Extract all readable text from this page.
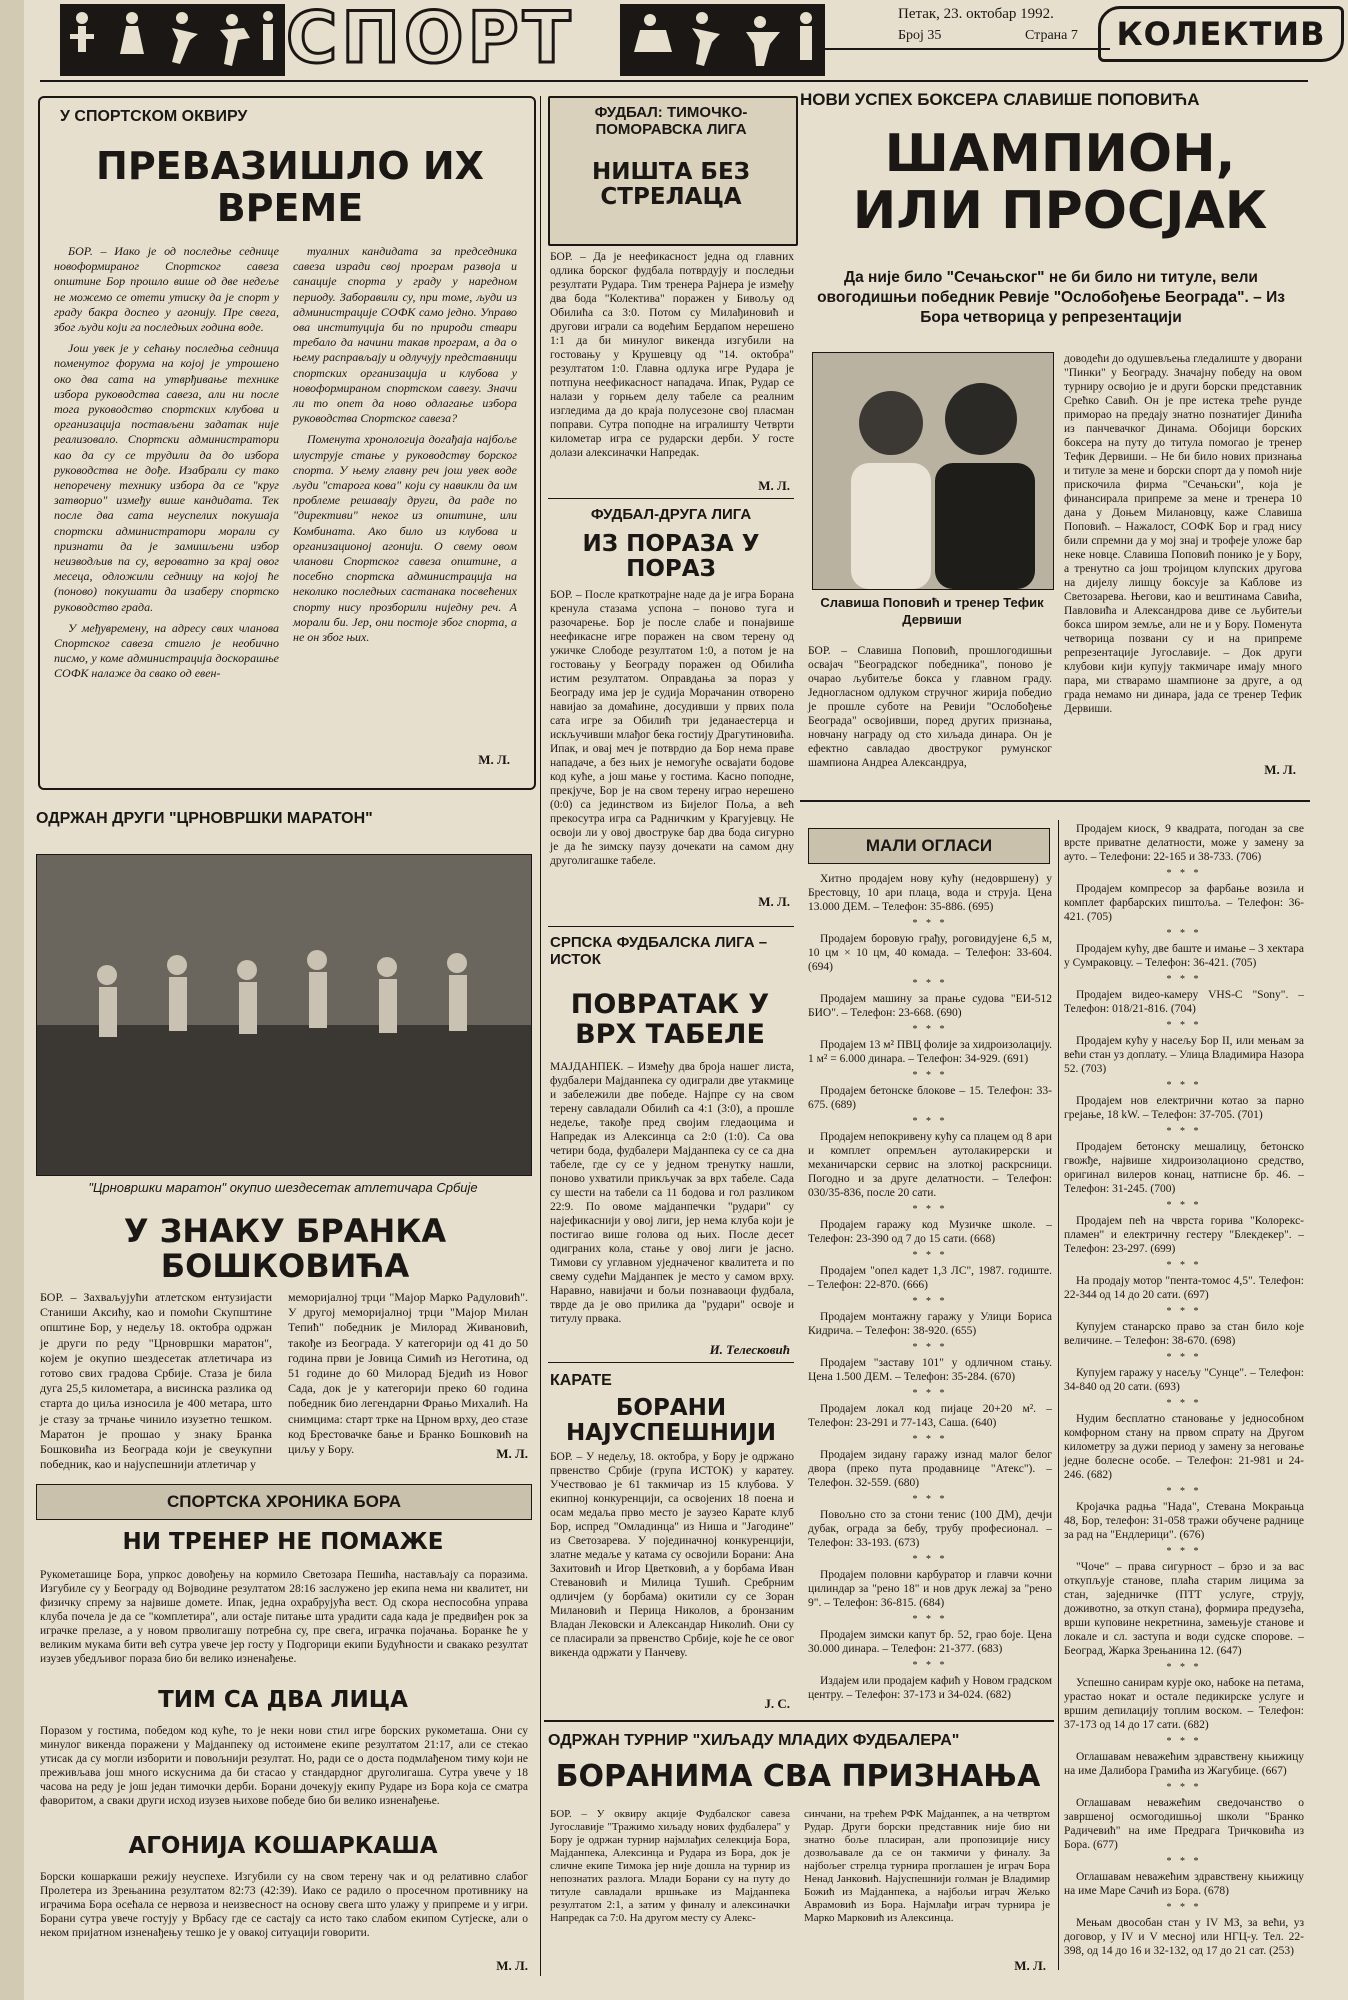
СПОРТ	Петак, 23. октобар 1992.
Број 35	Страна 7	КОЛЕКТИВ
У СПОРТСКОМ ОКВИРУ
ПРЕВАЗИШЛО ИХ ВРЕМЕ

БОР. – Иако је од последње седнице новоформираног Спортског савеза општине Бор прошло више од две недеље не можемо се отети утиску да је спорт у граду бакра доспео у агонију. Пре свега, због људи који га последњих година воде.

Још увек је у сећању последња седница поменутог форума на којој је утрошено око два сата на утврђивање технике избора руководства савеза, али ни после тога руководство спортских клубова и организација постављени задатак није реализовало. Спортски администратори као да су се трудили да до избора руководства не дође. Изабрали су тако непоречену технику избора да се "круг затворио" између више кандидата. Тек после два сата неуспелих покушаја спортски администратори морали су признати да је замишљени избор неизводљив па су, вероватно за крај овог месеца, одложили седницу на којој ће (поново) покушати да изаберу спортско руководство града.

У међувремену, на адресу свих чланова Спортског савеза стигло је необично писмо, у коме администрација доскорашње СОФК налаже да свако од евен-

туалних кандидата за председника савеза изради свој програм развоја и санације спорта у граду у наредном периоду. Заборавили су, при томе, људи из администрације СОФК само једно. Управо ова институција би по природи ствари требало да начини такав програм, а да о њему расправљају и одлучују представници спортских организација и клубова у новоформираном спортском савезу. Значи ли то опет да ново одлагање избора руководства Спортског савеза?

Поменута хронологија догађаја најбоље илуструје стање у руководству борског спорта. У њему главну реч још увек воде људи "старога кова" који су навикли да им проблеме решавају други, да раде по "директиви" неког из општине, или Комбината. Ако било из клубова и организационој агонији. О свему овом чланови Спортског савеза општине, а посебно спортска администрација на неколико последњих састанака посвећених спорту нису прозборили ниједну реч. А морали би. Јер, они постоје због спорта, а не он због њих.

М. Л.
ОДРЖАН ДРУГИ "ЦРНОВРШКИ МАРАТОН"
"Црновршки маратон" окупио шездесетак атлетичара Србије
У ЗНАКУ БРАНКА БОШКОВИЋА
БОР. – Захваљујући атлетском ентузијасти Станиши Аксићу, као и помоћи Скупштине општине Бор, у недељу 18. октобра одржан је други по реду "Црновршки маратон", којем је окупио шездесетак атлетичара из готово свих градова Србије. Стаза је била дуга 25,5 километара, а висинска разлика од старта до циља износила је 400 метара, што је стазу за трчање чинило изузетно тешком. Маратон је прошао у знаку Бранка Бошковића из Београда који је свеукупни победник, као и најуспешнији атлетичар у
меморијалној трци "Мајор Марко Радуловић". У другој меморијалној трци "Мајор Милан Тепић" победник је Милорад Живановић, такође из Београда. У категорији од 41 до 50 година први је Јовица Симић из Неготина, од 51 године до 60 Милорад Бједић из Новог Сада, док је у категорији преко 60 година победник био легендарни Фрањо Михалић. На снимцима: старт трке на Црном врху, део стазе код Брестовачке бање и Бранко Бошковић на циљу у Бору.	М. Л.
СПОРТСКА ХРОНИКА БОРА
НИ ТРЕНЕР НЕ ПОМАЖЕ
Рукометашице Бора, упркос довођењу на кормило Светозара Пешића, настављају са поразима. Изгубиле су у Београду од Војводине резултатом 28:16 заслужено јер екипа нема ни квалитет, ни физичку спрему за највише домете. Ипак, једна охрабрујућа вест. Од скора неспособна управа клуба почела је да се "комплетира", али остаје питање шта урадити сада када је предвиђен рок за играчке прелазе, а у новом прволигашу потребна су, пре свега, играчка појачања. Боранке ће у великим мукама бити већ сутра увече јер госту у Подгорици екипи Будућности и свакако резултат изузев убедљивог пораза био би велико изненађење.
ТИМ СА ДВА ЛИЦА
Поразом у гостима, победом код куће, то је неки нови стил игре борских рукометаша. Они су минулог викенда поражени у Мајданпеку од истоимене екипе резултатом 21:17, али се стекао утисак да су могли изборити и повољнији резултат. Но, ради се о доста подмлађеном тиму који не преживљава још много искуснима да би стасао у стандардног друголигаша. Сутра увече у 18 часова на реду је још један тимочки дерби. Борани дочекују екипу Рударе из Бора која се сматра фаворитом, а сваки други исход изузев њихове победе био би велико изненађење.
АГОНИЈА КОШАРКАША
Борски кошаркаши режију неуспехе. Изгубили су на свом терену чак и од релативно слабог Пролетера из Зрењанина резултатом 82:73 (42:39). Иако се радило о просечном противнику на играчима Бора осећала се нервоза и неизвесност на основу свега што улажу у припреме и у игри. Борани сутра увече гостују у Врбасу где се састају са исто тако слабом екипом Сутјеске, али о неком пријатном изненађењу тешко је у овакој ситуацији говорити.
М. Л.
ФУДБАЛ: ТИМОЧКО-ПОМОРАВСКА ЛИГА
НИШТА БЕЗ СТРЕЛАЦА
БОР. – Да је неефикасност једна од главних одлика борског фудбала потврдују и последњи резултати Рудара. Тим тренера Рајнера је између два бода "Колектива" поражен у Бивољу од Обилића са 3:0. Потом су Милађиновић и другови играли са водећим Бердапом нерешено 1:1 да би минулог викенда изгубили на гостовању у Крушевцу од "14. октобра" резултатом 1:0. Главна одлука игре Рудара је потпуна неефикасност нападача. Ипак, Рудар се налази у горњем делу табеле са реалним изгледима да до краја полусезоне свој пласман поправи. Сутра поподне на игралишту Четврти километар игра се рударски дерби. У госте долази алексиначки Напредак.
М. Л.
ФУДБАЛ-ДРУГА ЛИГА
ИЗ ПОРАЗА У ПОРАЗ
БОР. – После краткотрајне наде да је игра Борана кренула стазама успона – поново туга и разочарење. Бор је после слабе и понајвише неефикасне игре поражен на свом терену од ужичке Слободе резултатом 1:0, а потом је на гостовању у Београду поражен од Обилића истим резултатом. Оправдања за пораз у Београду има јер је судија Морачанин отворено навијао за домаћине, досудивши у првих пола сата игре за Обилић три једанаестерца и искључивши млађог бека гостију Драгутиновића. Ипак, и овај меч је потврдио да Бор нема праве нападаче, а без њих је немогуће освајати бодове код куће, а још мање у гостима. Касно поподне, прекјуче, Бор је на свом терену играо нерешено (0:0) са јединством из Бијелог Поља, а већ прекосутра игра са Радничким у Крагујевцу. Не освоји ли у овој двоструке бар два бода сигурно је да ће зимску паузу дочекати на самом дну друголигашке табеле.
М. Л.
СРПСКА ФУДБАЛСКА ЛИГА – ИСТОК
ПОВРАТАК У ВРХ ТАБЕЛЕ
МАЈДАНПЕК. – Између два броја нашег листа, фудбалери Мајданпека су одиграли две утакмице и забележили две победе. Најпре су на свом терену савладали Обилић са 4:1 (3:0), а прошле недеље, такође пред својим гледаоцима и Напредак из Алексинца са 2:0 (1:0). Са ова четири бода, фудбалери Мајданпека су се са дна табеле, где су се у једном тренутку нашли, поново ухватили прикључак за врх табеле. Сада су шести на табели са 11 бодова и гол разликом 22:9. По овоме мајданпечки "рудари" су најефикаснији у овој лиги, јер нема клуба који је постигао више голова од њих. После десет одиграних кола, стање у овој лиги је јасно. Тимови су углавном уједначеног квалитета и по свему судећи Мајданпек је место у самом врху. Наравно, навијачи и бољи познаваоци фудбала, тврде да је ово прилика да "рудари" освоје и титулу првака.
И. Телесковић
КАРАТЕ
БОРАНИ НАЈУСПЕШНИЈИ
БОР. – У недељу, 18. октобра, у Бору је одржано првенство Србије (група ИСТОК) у каратеу. Учествовао је 61 такмичар из 15 клубова. У екипној конкуренцији, са освојених 18 поена и осам медаља прво место је заузео Карате клуб Бор, испред "Омладинца" из Ниша и "Јагодине" из Светозарева. У појединачној конкуренцији, златне медаље у катама су освојили Борани: Ана Захитовић и Игор Цветковић, а у борбама Иван Стевановић и Милица Тушић. Сребрним одличјем (у борбама) окитили су се Зоран Милановић и Перица Николов, а бронзаним Владан Лековски и Александар Николић. Они су се пласирали за првенство Србије, које ће се овог викенда одржати у Панчеву.
Ј. С.
НОВИ УСПЕХ БОКСЕРА СЛАВИШЕ ПОПОВИЋА
ШАМПИОН, ИЛИ ПРОСЈАК
Да није било "Сечањског" не би било ни титуле, вели овогодишњи победник Ревије "Ослобођење Београда". – Из Бора четворица у репрезентацији
Славиша Поповић и тренер Тефик Дервиши
БОР. – Славиша Поповић, прошлогодишњи освајач "Београдског победника", поново је очарао љубитеље бокса у главном граду. Једногласном одлуком стручног жирија победио је прошле суботе на Ревији "Ослобођење Београда" освојивши, поред других признања, новчану награду од сто хиљада динара. Он је ефектно савладао двоструког румунског шампиона Андреа Александруа,
доводећи до одушевљења гледалиште у дворани "Пинки" у Београду. Значајну победу на овом турниру освојио је и други борски представник Срећко Савић. Он је пре истека треће рунде приморао на предају знатно познатијег Динића из панчевачког Динама. Обојици борских боксера на путу до титула помогао је тренер Тефик Дервиши. – Не би било нових признања и титуле за мене и борски спорт да у помоћ није прискочила фирма "Сечањски", која је финансирала припреме за мене и тренера 10 дана у Доњем Милановцу, каже Славиша Поповић. – Нажалост, СОФК Бор и град нису били спремни да у мој знај и трофеје уложе бар неке новце. Славиша Поповић понико је у Бору, а тренутно са још тројицом клупских другова на дијелу лишцу боксује за Каблове из Светозарева. Његови, као и вештинама Савића, Павловића и Александрова диве се љубитељи бокса широм земље, али не и у Бору. Поменута четворица позвани су и на припреме репрезентације Југославије. – Док други клубови кији купују такмичаре имају много пара, ми стварамо шампионе за друге, а од града немамо ни динара, јада се тренер Тефик Дервиши.
М. Л.
МАЛИ ОГЛАСИ

Хитно продајем нову кућу (недовршену) у Брестовцу, 10 ари плаца, вода и струја. Цена 13.000 ДЕМ. – Телефон: 35-886. (695)

* * *

Продајем боровую грађу, роговидујене 6,5 м, 10 цм × 10 цм, 40 комада. – Телефон: 33-604. (694)

* * *

Продајем машину за прање судова "ЕИ-512 БИО". – Телефон: 23-668. (690)

* * *

Продајем 13 м² ПВЦ фолије за хидроизолацију. 1 м² = 6.000 динара. – Телефон: 34-929. (691)

* * *

Продајем бетонске блокове – 15. Телефон: 33-675. (689)

* * *

Продајем непокривену кућу са плацем од 8 ари и комплет опремљен аутолакирерски и механичарски сервис на злоткој раскрсници. Погодно и за друге делатности. – Телефон: 030/35-836, после 20 сати.

* * *

Продајем гаражу код Музичке школе. – Телефон: 23-390 од 7 до 15 сати. (668)

* * *

Продајем "опел кадет 1,3 ЛС", 1987. годиште. – Телефон: 22-870. (666)

* * *

Продајем монтажну гаражу у Улици Бориса Кидрича. – Телефон: 38-920. (655)

* * *

Продајем "заставу 101" у одличном стању. Цена 1.500 ДЕМ. – Телефон: 35-284. (670)

* * *

Продајем локал код пијаце 20+20 м². – Телефон: 23-291 и 77-143, Саша. (640)

* * *

Продајем зидану гаражу изнад малог белог двора (преко пута продавнице "Атекс"). – Телефон. 32-559. (680)

* * *

Повољно сто за стони тенис (100 ДМ), дечји дубак, ограда за бебу, трубу професионал. – Телефон: 33-193. (673)

* * *

Продајем половни карбуратор и главчи кочни цилиндар за "рено 18" и нов друк лежај за "рено 9". – Телефон: 36-815. (684)

* * *

Продајем зимски капут бр. 52, грао боје. Цена 30.000 динара. – Телефон: 21-377. (683)

* * *

Издајем или продајем кафић у Новом градском центру. – Телефон: 37-173 и 34-024. (682)

Продајем киоск, 9 квадрата, погодан за све врсте приватне делатности, може у замену за ауто. – Телефони: 22-165 и 38-733. (706)

* * *

Продајем компресор за фарбање возила и комплет фарбарских пиштоља. – Телефон: 36-421. (705)

* * *

Продајем кућу, две баште и имање – 3 хектара у Сумраковцу. – Телефон: 36-421. (705)

* * *

Продајем видео-камеру VHS-C "Sony". – Телефон: 018/21-816. (704)

* * *

Продајем кућу у насељу Бор II, или мењам за већи стан уз доплату. – Улица Владимира Назора 52. (703)

* * *

Продајем нов електрични котао за парно грејање, 18 kW. – Телефон: 37-705. (701)

* * *

Продајем бетонску мешалицу, бетонско гвожђе, највише хидроизолационо средство, оригинал вилеров конац, натписне бр. 46. – Телефон: 31-245. (700)

* * *

Продајем пећ на чврста горива "Колорекс-пламен" и електричну гестеру "Блекдекер". – Телефон: 23-297. (699)

* * *

На продају мотор "пента-томос 4,5". Телефон: 22-344 од 14 до 20 сати. (697)

* * *

Купујем станарско право за стан било које величине. – Телефон: 38-670. (698)

* * *

Купујем гаражу у насељу "Сунце". – Телефон: 34-840 од 20 сати. (693)

* * *

Нудим бесплатно становање у једнособном комфорном стану на првом спрату на Другом километру за дужи период у замену за неговање једне болесне особе. – Телефон: 21-981 и 24-246. (682)

* * *

Кројачка радња "Нада", Стевана Мокрањца 48, Бор, телефон: 31-058 тражи обучене раднице за рад на "Ендлерици". (676)

* * *

"Чоче" – права сигурност – брзо и за вас откупљује станове, плаћа старим лицима за стан, заједничке (ПТТ услуге, струју, доживотно, за откуп стана), формира предузећа, врши куповине некретнина, замењује станове и локале и сл. заступа и води судске спорове. – Београд, Жарка Зрењанина 12. (647)

* * *

Успешно санирам курје око, набоке на петама, урастао нокат и остале педикирске услуге и вршим депилацију топлим воском. – Телефон: 37-173 од 14 до 17 сати. (682)

* * *

Оглашавам неважећим здравствену књижицу на име Далибора Грамића из Жагубице. (667)

* * *

Оглашавам неважећим сведочанство о завршеној осмогодишњој школи "Бранко Радичевић" на име Предрага Тричковића из Бора. (677)

* * *

Оглашавам неважећим здравствену књижицу на име Маре Сачић из Бора. (678)

* * *

Мењам двособан стан у IV МЗ, за већи, уз договор, у IV и V месној или НГЦ-у. Тел. 22-398, од 14 до 16 и 32-132, од 17 до 21 сат. (253)

ОДРЖАН ТУРНИР "ХИЉАДУ МЛАДИХ ФУДБАЛЕРА"
БОРАНИМА СВА ПРИЗНАЊА
БОР. – У оквиру акције Фудбалског савеза Југославије "Тражимо хиљаду нових фудбалера" у Бору је одржан турнир најмлађих селекција Бора, Мајданпека, Алексинца и Рудара из Бора, док је сличне екипе Тимока јер није дошла на турнир из непознатих разлога. Млади Борани су на путу до титуле савладали вршњаке из Мајданпека резултатом 2:1, а затим у финалу и алексиначки Напредак са 7:0. На другом месту су Алекс-
синчани, на трећем РФК Мајданпек, а на четвртом Рудар. Други борски представник није био ни знатно боље пласиран, али пропозиције нису дозвољавале да се он такмичи у финалу. За најбољег стрелца турнира проглашен је играч Бора Ненад Јанковић. Најуспешнији голман је Владимир Божић из Мајданпека, а најбољи играч Жељко Аврамовић из Бора. Најмлађи играч турнира је Марко Марковић из Алексинца.
М. Л.
